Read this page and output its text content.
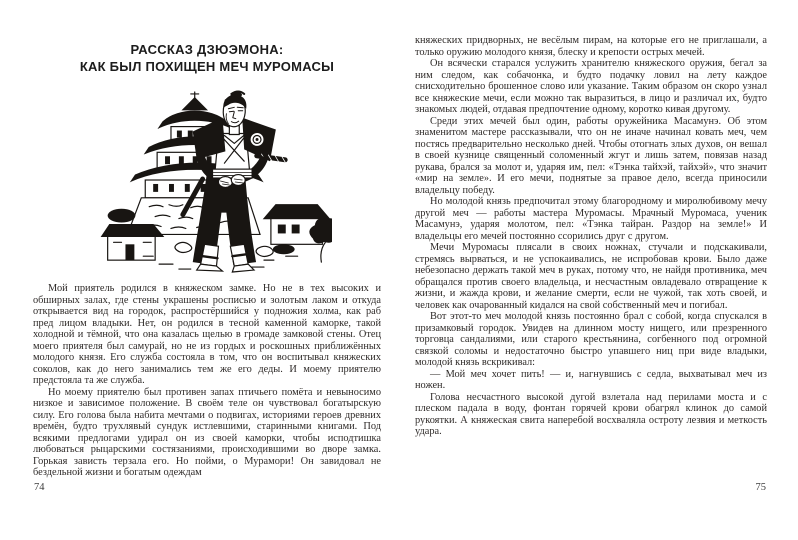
РАССКАЗ ДЗЮЭМОНА:
КАК БЫЛ ПОХИЩЕН МЕЧ МУРОМАСЫ

Мой приятель родился в княжеском замке. Но не в тех высоких и обширных залах, где стены украшены росписью и золотым лаком и откуда открывается вид на городок, распростёршийся у подножия холма, как раб пред лицом владыки. Нет, он родился в тесной каменной каморке, такой холодной и тёмной, что она казалась щелью в громаде замковой стены. Отец моего приятеля был самурай, но не из гордых и роскошных приближённых молодого князя. Его служба состояла в том, что он воспитывал княжеских соколов, как до него занимались тем же его деды. И моему приятелю предстояла та же служба.

Но моему приятелю был противен запах птичьего помёта и невыносимо низкое и зависимое положение. В своём теле он чувствовал богатырскую силу. Его голова была набита мечтами о подвигах, историями героев древних времён, будто трухлявый сундук истлевшими, старинными книгами. Под всякими предлогами удирал он из своей каморки, чтобы исподтишка любоваться рыцарскими состязаниями, происходившими во дворе замка. Горькая зависть терзала его. Но пойми, о Мурамори! Он завидовал не бездельной жизни и богатым одеждам

74

княжеских придворных, не весёлым пирам, на которые его не приглашали, а только оружию молодого князя, блеску и крепости острых мечей.

Он всячески старался услужить хранителю княжеского оружия, бегал за ним следом, как собачонка, и будто подачку ловил на лету каждое снисходительно брошенное слово или указание. Таким образом он скоро узнал все княжеские мечи, если можно так выразиться, в лицо и различал их, будто знакомых людей, отдавая предпочтение одному, коротко кивая другому.

Среди этих мечей был один, работы оружейника Масамунэ. Об этом знаменитом мастере рассказывали, что он не иначе начинал ковать меч, чем постясь предварительно несколько дней. Чтобы отогнать злых духов, он вешал в своей кузнице священный соломенный жгут и лишь затем, повязав назад рукава, брался за молот и, ударяя им, пел: «Тэнка тайхэй, тайхэй», что значит «мир на земле». И его мечи, поднятые за правое дело, всегда приносили владельцу победу.

Но молодой князь предпочитал этому благородному и миролюбивому мечу другой меч — работы мастера Муромасы. Мрачный Муромаса, ученик Масамунэ, ударяя молотом, пел: «Тэнка тайран. Раздор на земле!» И владельцы его мечей постоянно ссорились друг с другом.

Мечи Муромасы плясали в своих ножнах, стучали и подскакивали, стремясь вырваться, и не успокаивались, не испробовав крови. Было даже небезопасно держать такой меч в руках, потому что, не найдя противника, меч обращался против своего владельца, и несчастным овладевало отвращение к жизни, и жажда крови, и желание смерти, если не чужой, так хоть своей, и человек как очарованный кидался на свой собственный меч и погибал.

Вот этот-то меч молодой князь постоянно брал с собой, когда спускался в призамковый городок. Увидев на длинном мосту нищего, или презренного торговца сандалиями, или старого крестьянина, согбенного под огромной связкой соломы и недостаточно быстро упавшего ниц при виде владыки, молодой князь вскрикивал:

— Мой меч хочет пить! — и, нагнувшись с седла, выхватывал меч из ножен.

Голова несчастного высокой дугой взлетала над перилами моста и с плеском падала в воду, фонтан горячей крови обагрял клинок до самой рукоятки. А княжеская свита наперебой восхваляла остроту лезвия и меткость удара.

75
